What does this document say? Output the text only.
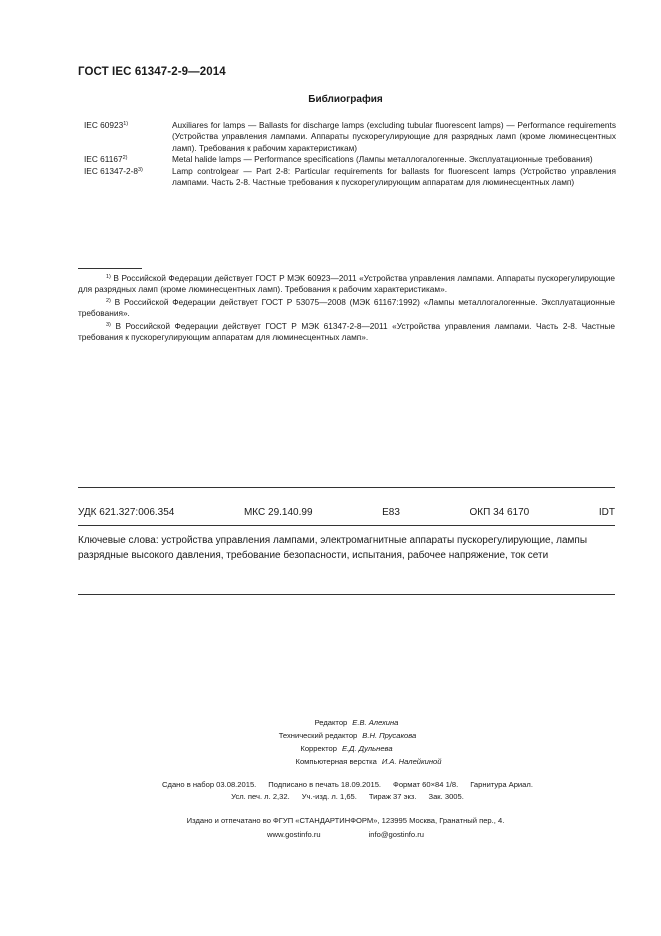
ГОСТ IEC 61347-2-9—2014
Библиография
IEC 60923$^{1)}$	Auxiliares for lamps — Ballasts for discharge lamps (excluding tubular fluorescent lamps) — Performance requirements (Устройства управления лампами. Аппараты пускорегулирующие для разрядных ламп (кроме люминесцентных ламп). Требования к рабочим характеристикам)
IEC 61167$^{2)}$	Metal halide lamps — Performance specifications (Лампы металлогалогенные. Эксплуатационные требования)
IEC 61347-2-8$^{3)}$	Lamp controlgear — Part 2-8: Particular requirements for ballasts for fluorescent lamps (Устройство управления лампами. Часть 2-8. Частные требования к пускорегулирующим аппаратам для люминесцентных ламп)
$^{1)}$ В Российской Федерации действует ГОСТ Р МЭК 60923—2011 «Устройства управления лампами. Аппараты пускорегулирующие для разрядных ламп (кроме люминесцентных ламп). Требования к рабочим характеристикам».
$^{2)}$ В Российской Федерации действует ГОСТ Р 53075—2008 (МЭК 61167:1992) «Лампы металлогалогенные. Эксплуатационные требования».
$^{3)}$ В Российской Федерации действует ГОСТ Р МЭК 61347-2-8—2011 «Устройства управления лампами. Часть 2-8. Частные требования к пускорегулирующим аппаратам для люминесцентных ламп».
УДК 621.327:006.354	МКС 29.140.99	Е83	ОКП 34 6170	IDT
Ключевые слова: устройства управления лампами, электромагнитные аппараты пускорегулирующие, лампы разрядные высокого давления, требование безопасности, испытания, рабочее напряжение, ток сети
Редактор Е.В. Алехина
Технический редактор В.Н. Прусакова
Корректор Е.Д. Дульнева
Компьютерная верстка И.А. Налейкиной
Сдано в набор 03.08.2015. Подписано в печать 18.09.2015. Формат 60×84 1/8. Гарнитура Ариал.
Усл. печ. л. 2,32. Уч.-изд. л. 1,65. Тираж 37 экз. Зак. 3005.
Издано и отпечатано во ФГУП «СТАНДАРТИНФОРМ», 123995 Москва, Гранатный пер., 4.
www.gostinfo.ru	info@gostinfo.ru
